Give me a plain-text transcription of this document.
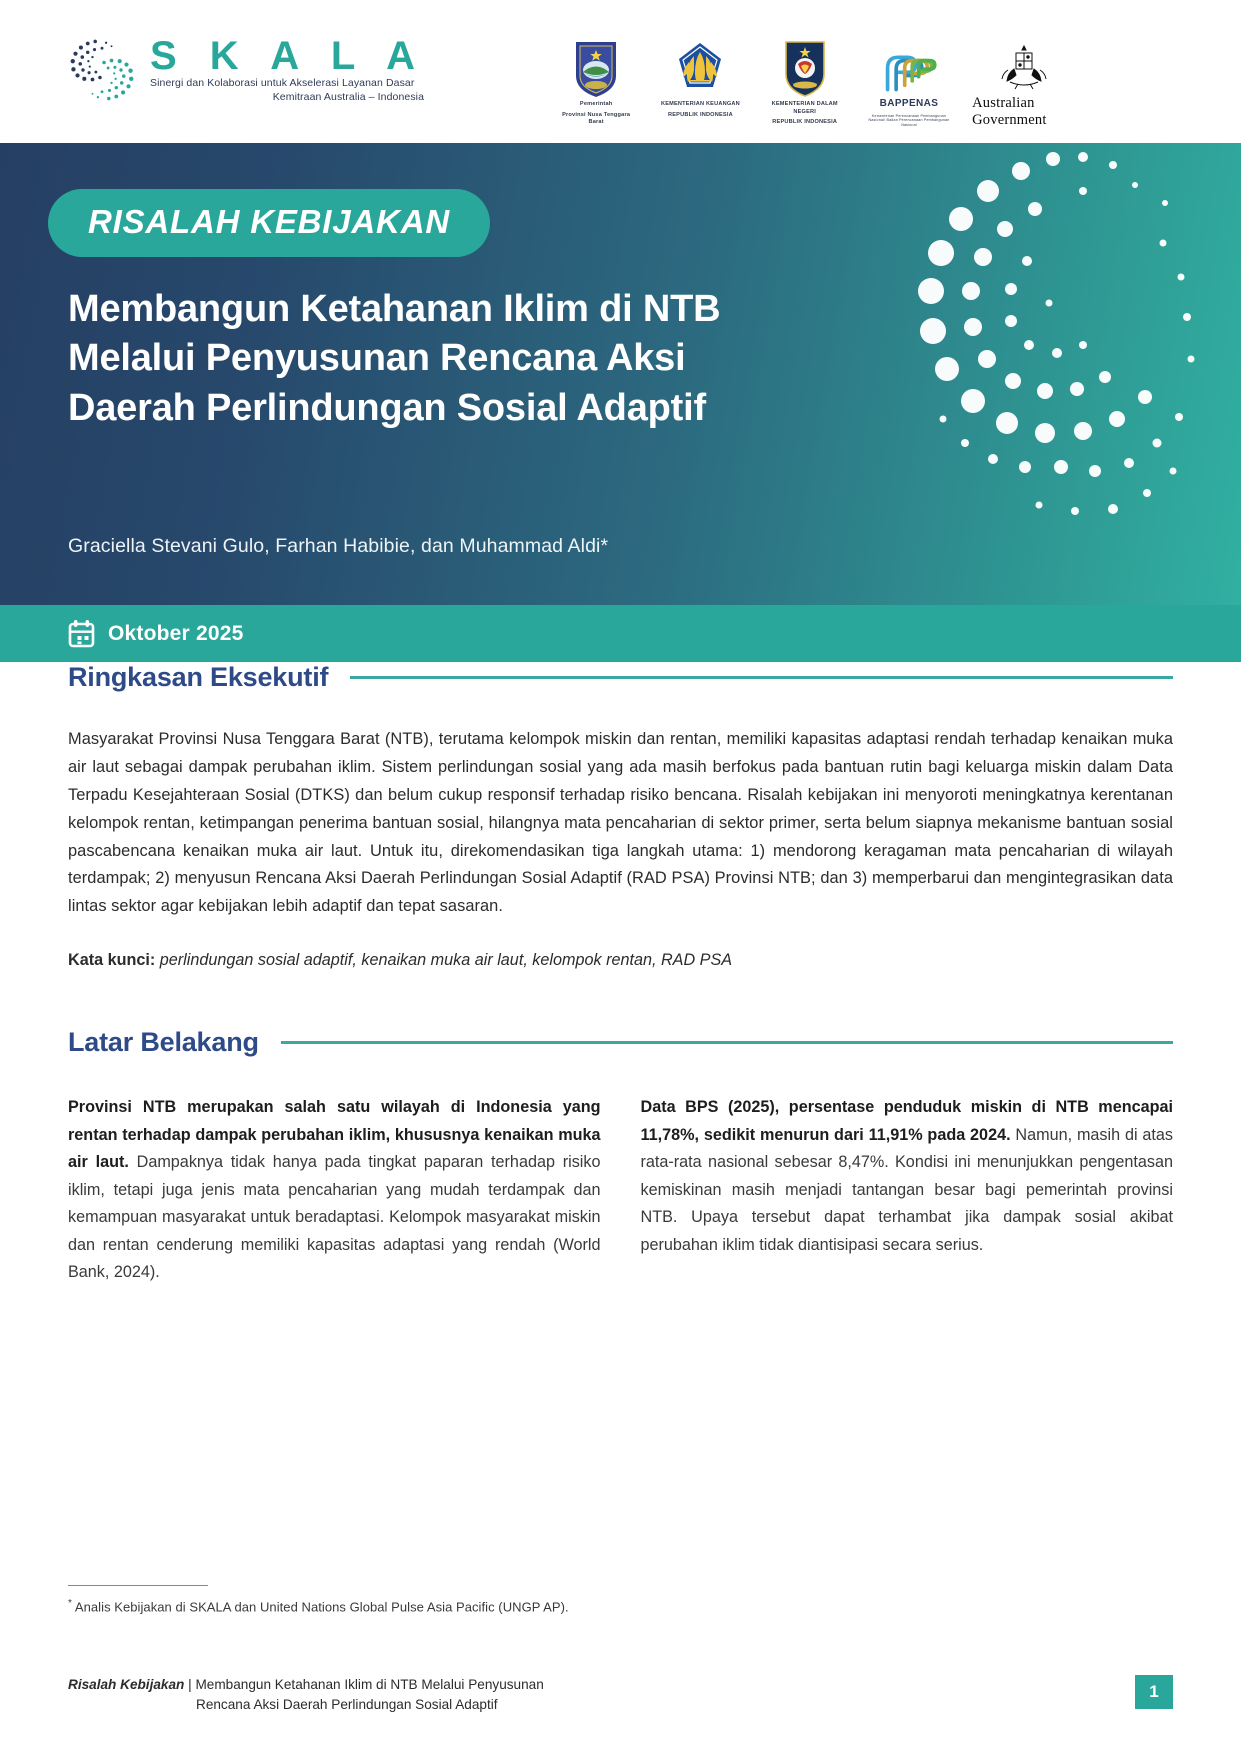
S K A L A
Sinergi dan Kolaborasi untuk Akselerasi Layanan Dasar
Kemitraan Australia – Indonesia
Pemerintah
Provinsi Nusa Tenggara Barat
KEMENTERIAN KEUANGAN
REPUBLIK INDONESIA
KEMENTERIAN DALAM NEGERI
REPUBLIK INDONESIA
BAPPENAS
Kementerian Perencanaan Pembangunan Nasional/ Badan Perencanaan Pembangunan Nasional
Australian Government
RISALAH KEBIJAKAN
Membangun Ketahanan Iklim di NTB Melalui Penyusunan Rencana Aksi Daerah Perlindungan Sosial Adaptif
Graciella Stevani Gulo, Farhan Habibie, dan Muhammad Aldi*
Oktober 2025
Ringkasan Eksekutif
Masyarakat Provinsi Nusa Tenggara Barat (NTB), terutama kelompok miskin dan rentan, memiliki kapasitas adaptasi rendah terhadap kenaikan muka air laut sebagai dampak perubahan iklim. Sistem perlindungan sosial yang ada masih berfokus pada bantuan rutin bagi keluarga miskin dalam Data Terpadu Kesejahteraan Sosial (DTKS) dan belum cukup responsif terhadap risiko bencana. Risalah kebijakan ini menyoroti meningkatnya kerentanan kelompok rentan, ketimpangan penerima bantuan sosial, hilangnya mata pencaharian di sektor primer, serta belum siapnya mekanisme bantuan sosial pascabencana kenaikan muka air laut. Untuk itu, direkomendasikan tiga langkah utama: 1) mendorong keragaman mata pencaharian di wilayah terdampak; 2) menyusun Rencana Aksi Daerah Perlindungan Sosial Adaptif (RAD PSA) Provinsi NTB; dan 3) memperbarui dan mengintegrasikan data lintas sektor agar kebijakan lebih adaptif dan tepat sasaran.
Kata kunci: perlindungan sosial adaptif, kenaikan muka air laut, kelompok rentan, RAD PSA
Latar Belakang
Provinsi NTB merupakan salah satu wilayah di Indonesia yang rentan terhadap dampak perubahan iklim, khususnya kenaikan muka air laut. Dampaknya tidak hanya pada tingkat paparan terhadap risiko iklim, tetapi juga jenis mata pencaharian yang mudah terdampak dan kemampuan masyarakat untuk beradaptasi. Kelompok masyarakat miskin dan rentan cenderung memiliki kapasitas adaptasi yang rendah (World Bank, 2024).
Data BPS (2025), persentase penduduk miskin di NTB mencapai 11,78%, sedikit menurun dari 11,91% pada 2024. Namun, masih di atas rata-rata nasional sebesar 8,47%. Kondisi ini menunjukkan pengentasan kemiskinan masih menjadi tantangan besar bagi pemerintah provinsi NTB. Upaya tersebut dapat terhambat jika dampak sosial akibat perubahan iklim tidak diantisipasi secara serius.
* Analis Kebijakan di SKALA dan United Nations Global Pulse Asia Pacific (UNGP AP).
Risalah Kebijakan | Membangun Ketahanan Iklim di NTB Melalui Penyusunan
Rencana Aksi Daerah Perlindungan Sosial Adaptif
1
